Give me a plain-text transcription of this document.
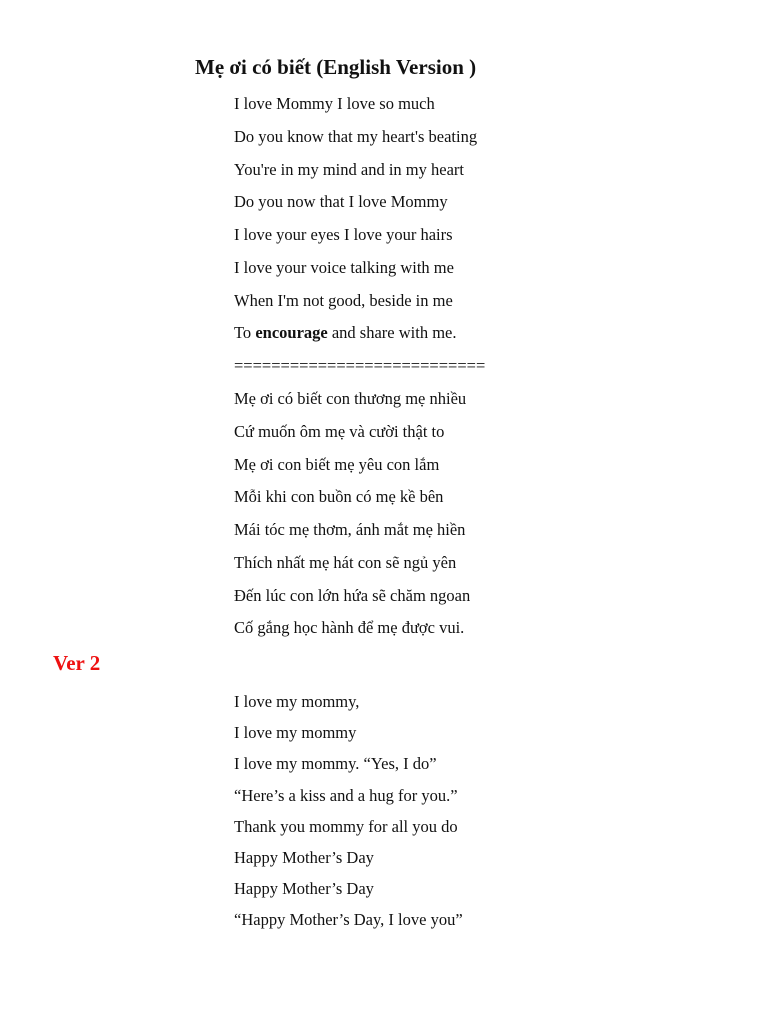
Mẹ ơi có biết (English Version )
I love Mommy I love so much
Do you know that my heart's beating
You're in my mind and in my heart
Do you now that I love Mommy
I love your eyes I love your hairs
I love your voice talking with me
When I'm not good, beside in me
To encourage and share with me.
===========================
Mẹ ơi có biết con thương mẹ nhiều
Cứ muốn ôm mẹ và cười thật to
Mẹ ơi con biết mẹ yêu con lắm
Mỗi khi con buồn có mẹ kề bên
Mái tóc mẹ thơm, ánh mắt mẹ hiền
Thích nhất mẹ hát con sẽ ngủ yên
Đến lúc con lớn hứa sẽ chăm ngoan
Cố gắng học hành để mẹ được vui.
Ver 2
I love my mommy,
I love my mommy
I love my mommy. “Yes, I do”
“Here’s a kiss and a hug for you.”
Thank you mommy for all you do
Happy Mother’s Day
Happy Mother’s Day
“Happy Mother’s Day, I love you”
